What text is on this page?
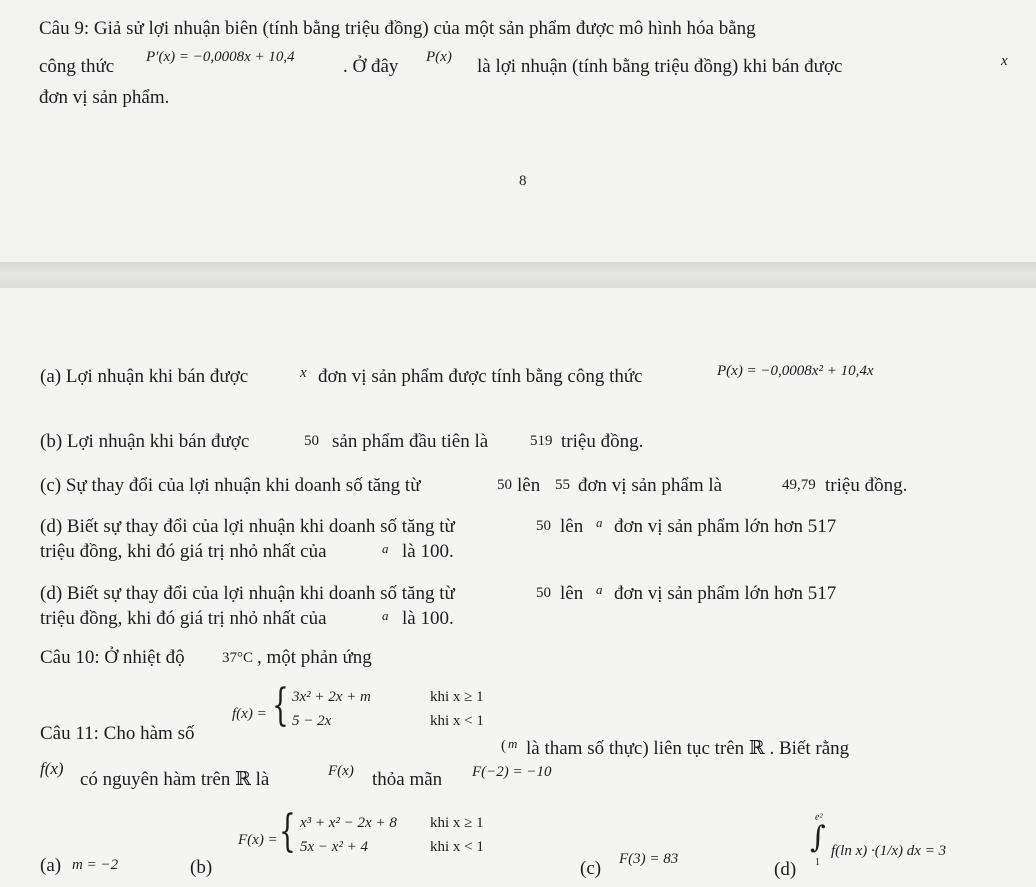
Câu 9: Giả sử lợi nhuận biên (tính bằng triệu đồng) của một sản phẩm được mô hình hóa bằng
công thức P′(x) = −0,0008x + 10,4	. Ở đây P(x) là lợi nhuận (tính bằng triệu đồng) khi bán được	x
đơn vị sản phẩm.
8
(a) Lợi nhuận khi bán được	x đơn vị sản phẩm được tính bằng công thức	P(x) = −0,0008x² + 10,4x
(b) Lợi nhuận khi bán được	50 sản phẩm đầu tiên là	519 triệu đồng.
(c) Sự thay đổi của lợi nhuận khi doanh số tăng từ	50 lên 55 đơn vị sản phẩm là	49,79 triệu đồng.
(d) Biết sự thay đổi của lợi nhuận khi doanh số tăng từ	50 lên a đơn vị sản phẩm lớn hơn 517
triệu đồng, khi đó giá trị nhỏ nhất của	a là 100.
(d) Biết sự thay đổi của lợi nhuận khi doanh số tăng từ	50 lên a đơn vị sản phẩm lớn hơn 517
triệu đồng, khi đó giá trị nhỏ nhất của	a là 100.
Câu 10: Ở nhiệt độ 37°C , một phản ứng
Câu 11: Cho hàm số
f(x) = { 3x² + 2x + m	khi x ≥ 1
5 − 2x	khi x < 1
( m là tham số thực) liên tục trên ℝ . Biết rằng
f(x)
có nguyên hàm trên ℝ là	F(x) thỏa mãn F(−2) = −10
(a) m = −2	(b)
F(x) = { x³ + x² − 2x + 8 khi x ≥ 1
5x − x² + 4	khi x < 1
(c) F(3) = 83	(d)
e²
∫
1
f(ln x) ·(1/x) dx = 3
